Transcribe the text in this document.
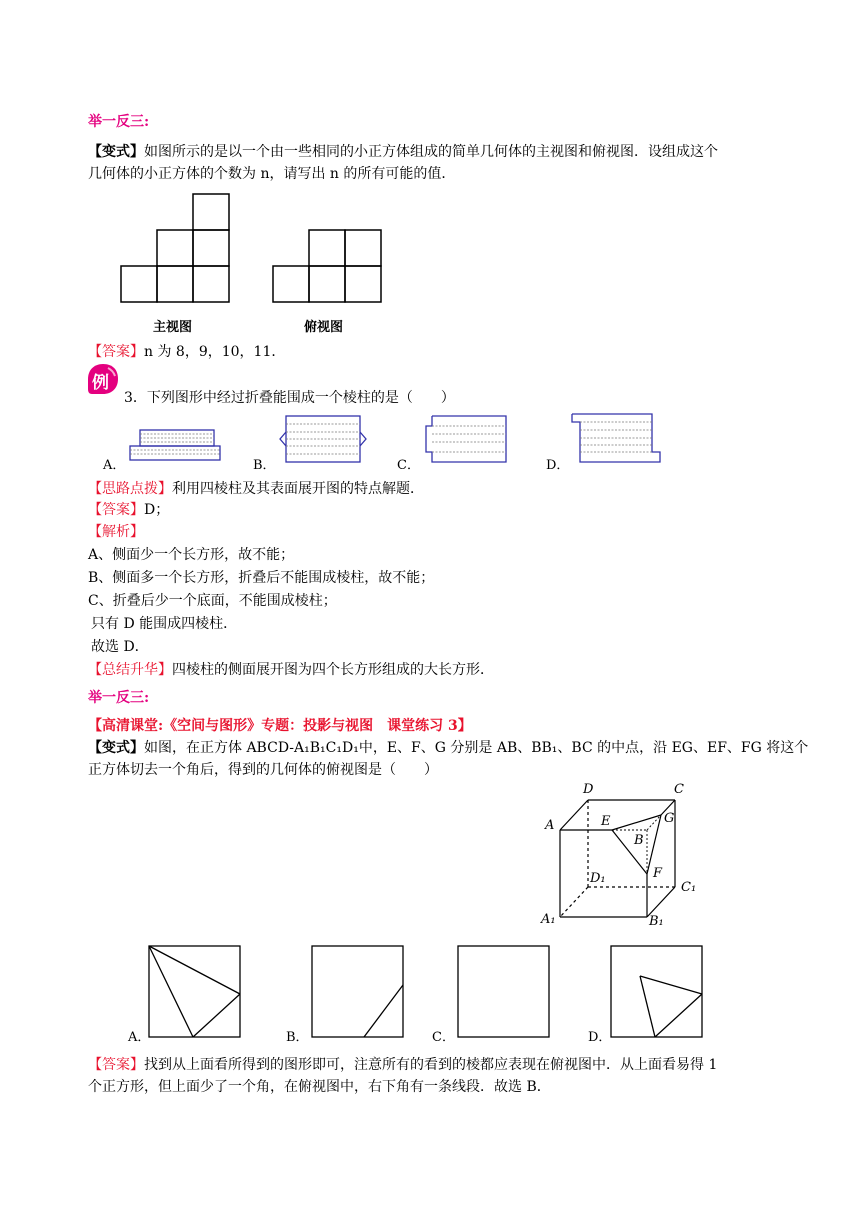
举一反三:
【变式】如图所示的是以一个由一些相同的小正方体组成的简单几何体的主视图和俯视图．设组成这个
几何体的小正方体的个数为 n，请写出 n 的所有可能的值．
主视图	俯视图
【答案】n 为 8，9，10，11．
例
3．下列图形中经过折叠能围成一个棱柱的是（　　）
A．	B．	C．	D．
【思路点拨】利用四棱柱及其表面展开图的特点解题．
【答案】D；
【解析】
A、侧面少一个长方形，故不能；
B、侧面多一个长方形，折叠后不能围成棱柱，故不能；
C、折叠后少一个底面，不能围成棱柱；
只有 D 能围成四棱柱．
故选 D．
【总结升华】四棱柱的侧面展开图为四个长方形组成的大长方形．
举一反三:
【高清课堂:《空间与图形》专题：投影与视图　课堂练习 3】
【变式】如图，在正方体 ABCD-A₁B₁C₁D₁中，E、F、G 分别是 AB、BB₁、BC 的中点，沿 EG、EF、FG 将这个
正方体切去一个角后，得到的几何体的俯视图是（　　）
D	C
A	E	G
B
F
D₁
C₁
A₁	B₁
A．	B．	C．	D．
【答案】找到从上面看所得到的图形即可，注意所有的看到的棱都应表现在俯视图中．从上面看易得 1
个正方形，但上面少了一个角，在俯视图中，右下角有一条线段．故选 B．
